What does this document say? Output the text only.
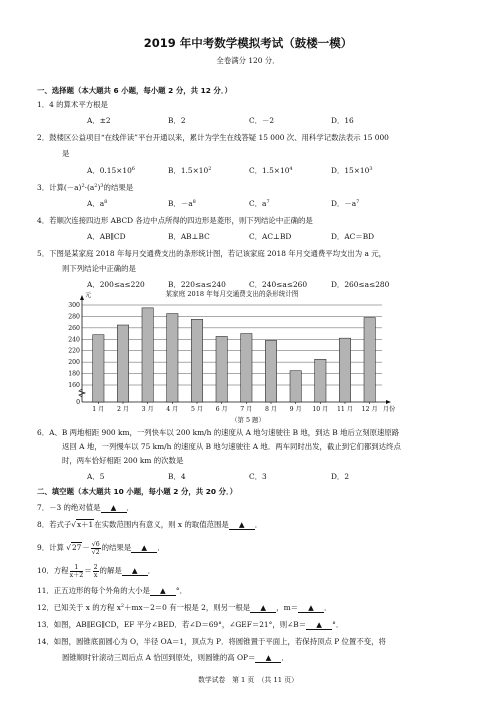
2019 年中考数学模拟考试（鼓楼一模）
全卷满分 120 分．
一、选择题（本大题共 6 小题，每小题 2 分，共 12 分．）
1．4 的算术平方根是
A．±2	B．2	C．－2	D．16
2．鼓楼区公益项目“在线伴读”平台开通以来，累计为学生在线答疑 15 000 次、用科学记数法表示 15 000
是
A．$0.15\times 10^6$	B．$1.5\times 10^2$	C．$1.5\times 10^4$	D．$15\times 10^3$
3．计算$(-a)^2\cdot(a^2)^3$的结果是
A．$a^8$	B．$-a^8$	C．$a^7$	D．$-a^7$
4．若顺次连接四边形 ABCD 各边中点所得的四边形是菱形，则下列结论中正确的是
A．AB∥CD	B．AB⊥BC	C．AC⊥BD	D．AC＝BD
5．下图是某家庭 2018 年每月交通费支出的条形统计图，若记该家庭 2018 年月交通费平均支出为 a 元，
则下列结论中正确的是
A．200≤a≤220	B．220≤a≤240	C．240≤a≤260	D．260≤a≤280
某家庭 2018 年每月交通费支出的条形统计图
元
0
160
180
200
220
240
260
280
300
1 月 2 月 3 月 4 月 5 月 6 月 7 月 8 月 9 月 10 月 11 月 12 月 月份
（第 5 题）
6．A、B 两地相距 900 km，一列快车以 200 km/h 的速度从 A 地匀速驶往 B 地，到达 B 地后立刻原速原路
返回 A 地，一列慢车以 75 km/h 的速度从 B 地匀速驶往 A 地．两车同时出发，截止到它们都到达终点
时，两车恰好相距 200 km 的次数是
A．5	B．4	C．3	D．2
二、填空题（本大题共 10 小题，每小题 2 分，共 20 分．）
7．－3 的绝对值是 ▲ ．
8．若式子√x＋1在实数范围内有意义，则 x 的取值范围是 ▲ ．
9．计算 $√27- \frac{√6}{√2}$ 的结果是 ▲ ．
10．方程 $\frac{1}{x+2} = \frac{2}{x}$ 的解是 ▲ ．
11．正五边形的每个外角的大小是 ▲ °．
12．已知关于 x 的方程 $x^2+mx-2=0$ 有一根是 2，则另一根是 ▲ ，m＝ ▲ ．
13．如图，AB∥EG∥CD，EF 平分∠BED．若∠D＝69°，∠GEF＝21°，则∠B＝ ▲ °．
14．如图，圆锥底面圆心为 O，半径 OA＝1，顶点为 P．将圆锥置于平面上，若保持顶点 P 位置不变，将
圆锥顺时针滚动三周后点 A 恰回到原处，则圆锥的高 OP＝ ▲ ．
数学试卷　第 1 页　（共 11 页）
